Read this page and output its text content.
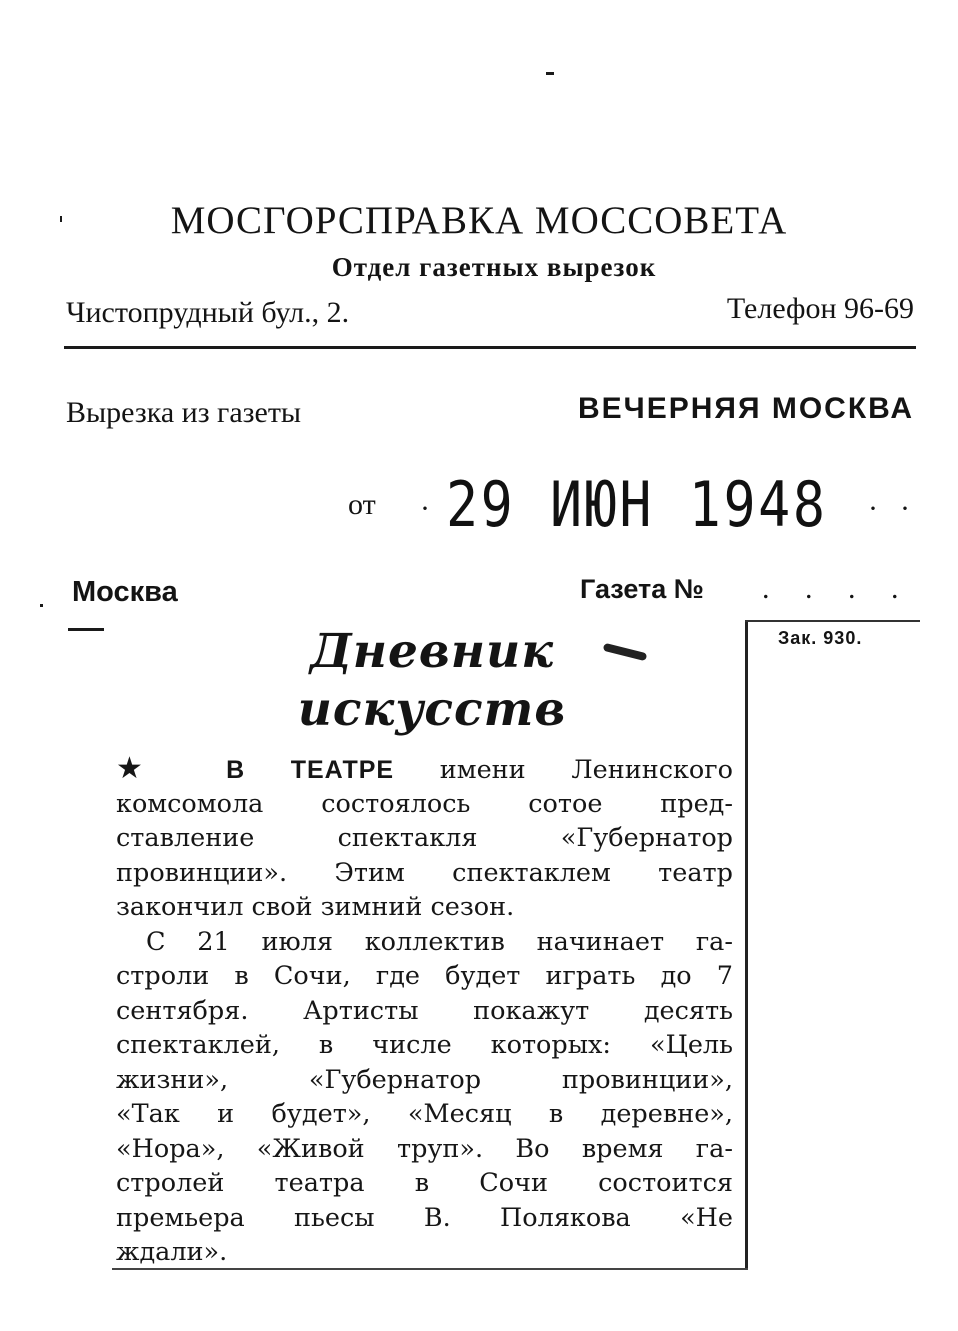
МОСГОРСПРАВКА МОССОВЕТА
Отдел газетных вырезок
Чистопрудный бул., 2.	Телефон 96-69
Вырезка из газеты	ВЕЧЕРНЯЯ МОСКВА
от ·	· ·
29 ИЮН 1948
Москва	Газета № . . . .
Зак. 930.
Дневник
искусств
★ В ТЕАТРЕ имени Ленинского
комсомола состоялось сотое пред-
ставление спектакля «Губернатор
провинции». Этим спектаклем театр
закончил свой зимний сезон.
С 21 июля коллектив начинает га-
строли в Сочи, где будет играть до 7
сентября. Артисты покажут десять
спектаклей, в числе которых: «Цель
жизни», «Губернатор провинции»,
«Так и будет», «Месяц в деревне»,
«Нора», «Живой труп». Во время га-
стролей театра в Сочи состоится
премьера пьесы В. Полякова «Не
ждали».
